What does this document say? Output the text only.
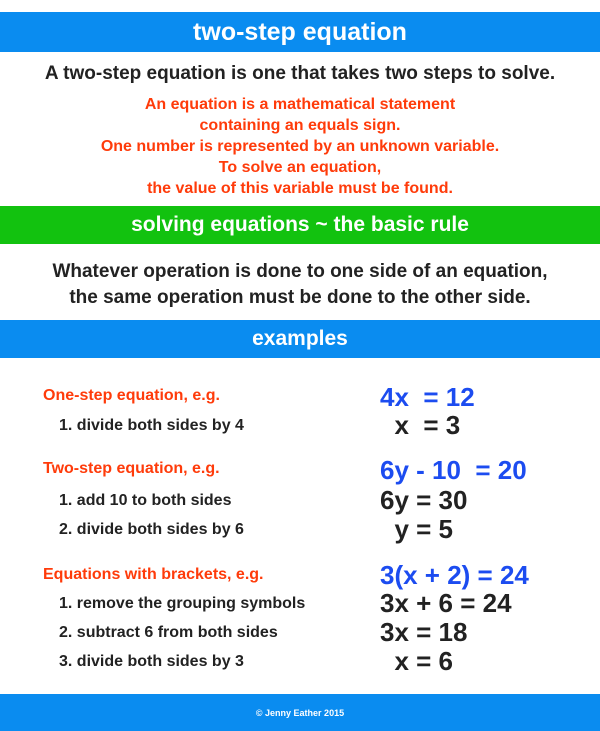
two-step equation
A two-step equation is one that takes two steps to solve.
An equation is a mathematical statement
containing an equals sign.
One number is represented by an unknown variable.
To solve an equation,
the value of this variable must be found.
solving equations ~ the basic rule
Whatever operation is done to one side of an equation,
the same operation must be done to the other side.
examples
One-step equation, e.g.	4x  = 12
1. divide both sides by 4	x  = 3
Two-step equation, e.g.	6y - 10  = 20
1. add 10 to both sides	6y = 30
2. divide both sides by 6	y = 5
Equations with brackets, e.g.	3(x + 2) = 24
1. remove the grouping symbols	3x + 6 = 24
2. subtract 6 from both sides	3x = 18
3. divide both sides by 3	x = 6
© Jenny Eather 2015
